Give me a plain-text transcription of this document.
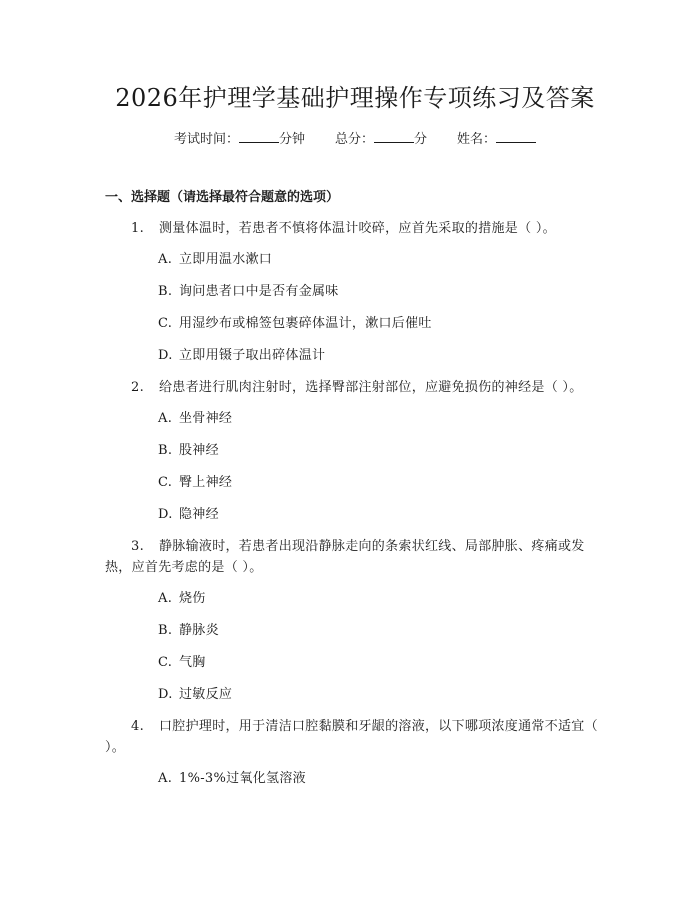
2026年护理学基础护理操作专项练习及答案
考试时间：	分钟 总分：	分 姓名：
一、选择题（请选择最符合题意的选项）
1. 测量体温时，若患者不慎将体温计咬碎，应首先采取的措施是（ ）。
A. 立即用温水漱口
B. 询问患者口中是否有金属味
C. 用湿纱布或棉签包裹碎体温计，漱口后催吐
D. 立即用镊子取出碎体温计
2. 给患者进行肌肉注射时，选择臀部注射部位，应避免损伤的神经是（ ）。
A. 坐骨神经
B. 股神经
C. 臀上神经
D. 隐神经
3. 静脉输液时，若患者出现沿静脉走向的条索状红线、局部肿胀、疼痛或发热，应首先考虑的是（ ）。
A. 烧伤
B. 静脉炎
C. 气胸
D. 过敏反应
4. 口腔护理时，用于清洁口腔黏膜和牙龈的溶液，以下哪项浓度通常不适宜（ ）。
A. 1%-3%过氧化氢溶液
